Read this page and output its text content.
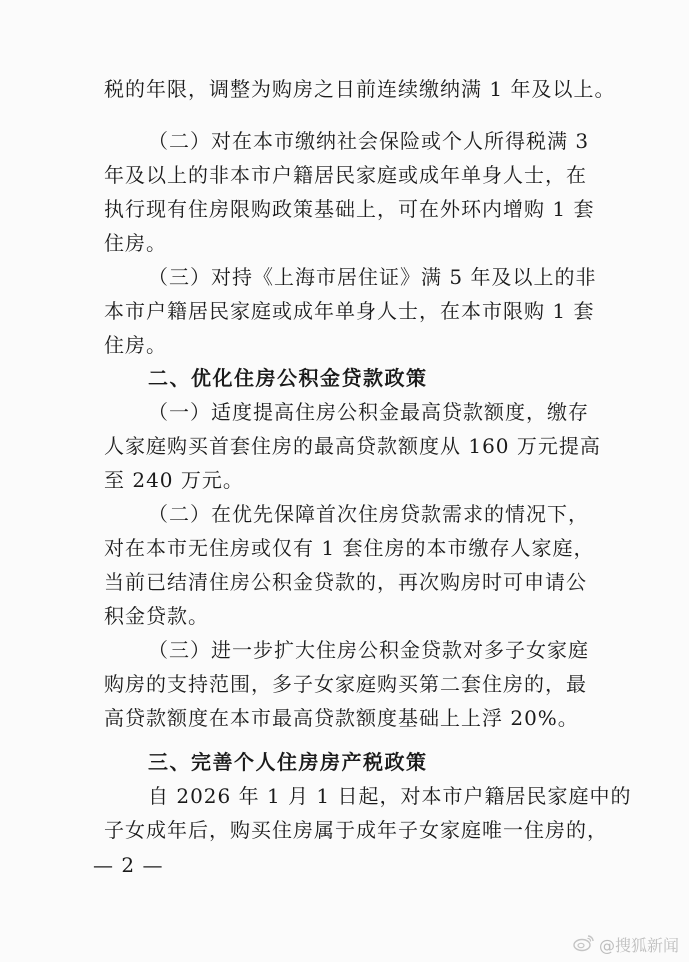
税的年限，调整为购房之日前连续缴纳满 1 年及以上。
（二）对在本市缴纳社会保险或个人所得税满 3
年及以上的非本市户籍居民家庭或成年单身人士，在
执行现有住房限购政策基础上，可在外环内增购 1 套
住房。
（三）对持《上海市居住证》满 5 年及以上的非
本市户籍居民家庭或成年单身人士，在本市限购 1 套
住房。
二、优化住房公积金贷款政策
（一）适度提高住房公积金最高贷款额度，缴存
人家庭购买首套住房的最高贷款额度从 160 万元提高
至 240 万元。
（二）在优先保障首次住房贷款需求的情况下，
对在本市无住房或仅有 1 套住房的本市缴存人家庭，
当前已结清住房公积金贷款的，再次购房时可申请公
积金贷款。
（三）进一步扩大住房公积金贷款对多子女家庭
购房的支持范围，多子女家庭购买第二套住房的，最
高贷款额度在本市最高贷款额度基础上上浮 20%。
三、完善个人住房房产税政策
自 2026 年 1 月 1 日起，对本市户籍居民家庭中的
子女成年后，购买住房属于成年子女家庭唯一住房的，
— 2 —
@搜狐新闻
